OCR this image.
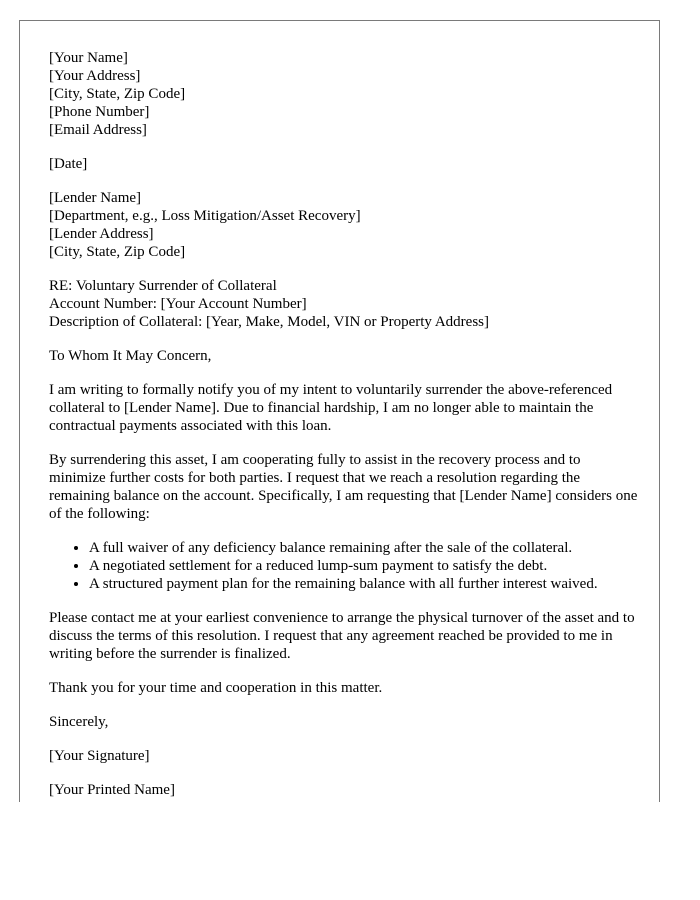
[Your Name]
[Your Address]
[City, State, Zip Code]
[Phone Number]
[Email Address]
[Date]
[Lender Name]
[Department, e.g., Loss Mitigation/Asset Recovery]
[Lender Address]
[City, State, Zip Code]
RE: Voluntary Surrender of Collateral
Account Number: [Your Account Number]
Description of Collateral: [Year, Make, Model, VIN or Property Address]

To Whom It May Concern,

I am writing to formally notify you of my intent to voluntarily surrender the above-referenced collateral to [Lender Name]. Due to financial hardship, I am no longer able to maintain the contractual payments associated with this loan.

By surrendering this asset, I am cooperating fully to assist in the recovery process and to minimize further costs for both parties. I request that we reach a resolution regarding the remaining balance on the account. Specifically, I am requesting that [Lender Name] considers one of the following:

• A full waiver of any deficiency balance remaining after the sale of the collateral.
• A negotiated settlement for a reduced lump-sum payment to satisfy the debt.
• A structured payment plan for the remaining balance with all further interest waived.

Please contact me at your earliest convenience to arrange the physical turnover of the asset and to discuss the terms of this resolution. I request that any agreement reached be provided to me in writing before the surrender is finalized.

Thank you for your time and cooperation in this matter.

Sincerely,

[Your Signature]

[Your Printed Name]
